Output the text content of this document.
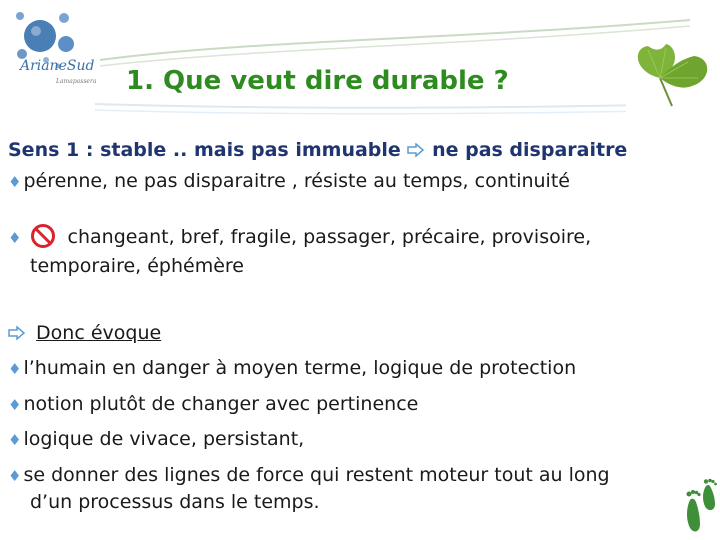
ArianeSud
Lamapassera 1. Que veut dire durable ?
Sens 1 : stable .. mais pas immuable ne pas disparaitre
♦ pérenne, ne pas disparaitre , résiste au temps, continuité
♦ changeant, bref, fragile, passager, précaire, provisoire,
temporaire, éphémère
Donc évoque
♦ l’humain en danger à moyen terme, logique de protection
♦ notion plutôt de changer avec pertinence
♦ logique de vivace, persistant,
♦ se donner des lignes de force qui restent moteur tout au long
d’un processus dans le temps.
